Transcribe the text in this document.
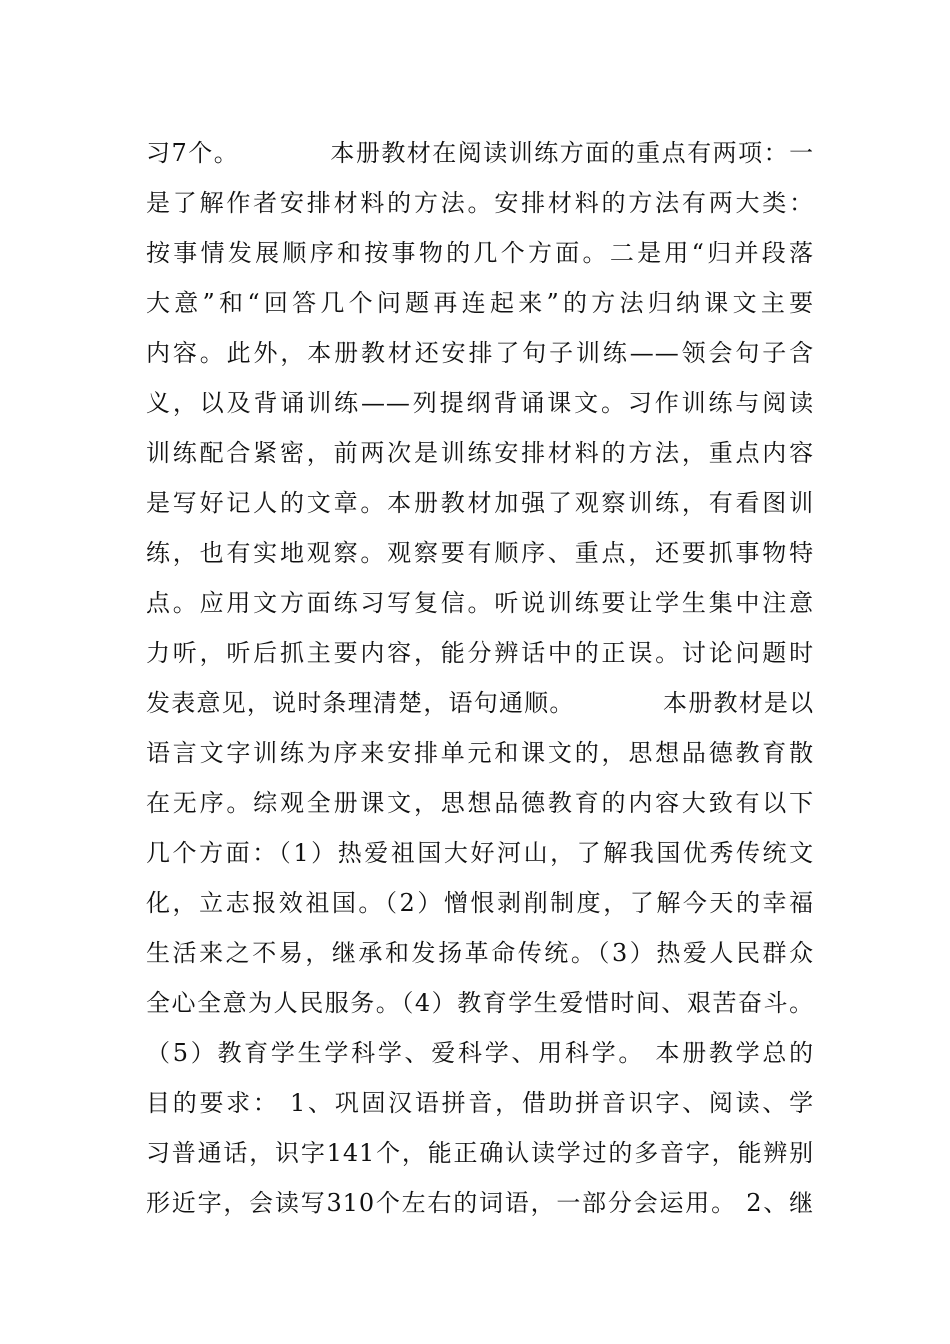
习7个。          本册教材在阅读训练方面的重点有两项：一
是了解作者安排材料的方法。安排材料的方法有两大类：
按事情发展顺序和按事物的几个方面。二是用“归并段落
大意”和“回答几个问题再连起来”的方法归纳课文主要
内容。此外，本册教材还安排了句子训练——领会句子含
义，以及背诵训练——列提纲背诵课文。习作训练与阅读
训练配合紧密，前两次是训练安排材料的方法，重点内容
是写好记人的文章。本册教材加强了观察训练，有看图训
练，也有实地观察。观察要有顺序、重点，还要抓事物特
点。应用文方面练习写复信。听说训练要让学生集中注意
力听，听后抓主要内容，能分辨话中的正误。讨论问题时
发表意见，说时条理清楚，语句通顺。          本册教材是以
语言文字训练为序来安排单元和课文的，思想品德教育散
在无序。综观全册课文，思想品德教育的内容大致有以下
几个方面：（1）热爱祖国大好河山，了解我国优秀传统文
化，立志报效祖国。（2）憎恨剥削制度，了解今天的幸福
生活来之不易，继承和发扬革命传统。（3）热爱人民群众
全心全意为人民服务。（4）教育学生爱惜时间、艰苦奋斗。
（5）教育学生学科学、爱科学、用科学。 本册教学总的
目的要求： 1、巩固汉语拼音，借助拼音识字、阅读、学
习普通话，识字141个，能正确认读学过的多音字，能辨别
形近字，会读写310个左右的词语，一部分会运用。 2、继
